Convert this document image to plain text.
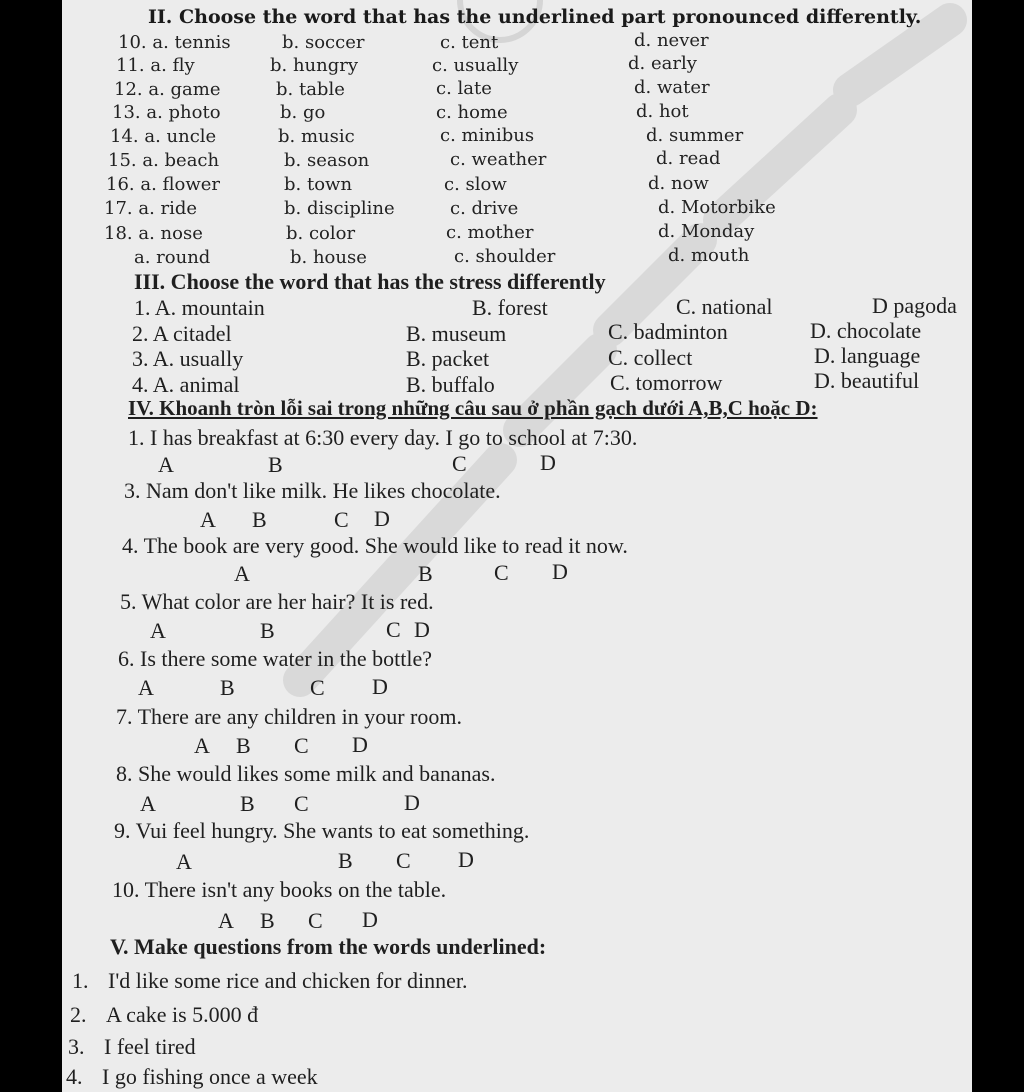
II. Choose the word that has the underlined part pronounced differently.
10. a. tennis	b. soccer	c. tent	d. never
11. a. fly	b. hungry	c. usually	d. early
12. a. game	b. table	c. late	d. water
13. a. photo	b. go	c. home	d. hot
14. a. uncle	b. music	c. minibus	d. summer
15. a. beach	b. season	c. weather	d. read
16. a. flower	b. town	c. slow	d. now
17. a. ride	b. discipline	c. drive	d. Motorbike
18. a. nose	b. color	c. mother	d. Monday
a. round	b. house	c. shoulder	d. mouth
III. Choose the word that has the stress differently
1. A. mountain	B. forest	C. national	D pagoda
2. A citadel	B. museum	C. badminton	D. chocolate
3. A. usually	B. packet	C. collect	D. language
4. A. animal	B. buffalo	C. tomorrow	D. beautiful
IV. Khoanh tròn lỗi sai trong những câu sau ở phần gạch dưới A,B,C hoặc D:
1. I has breakfast at 6:30 every day. I go to school at 7:30.
A	B	C	D
3. Nam don't like milk. He likes chocolate.
A B	C D
4. The book are very good. She would like to read it now.
A	B	C D
5. What color are her hair? It is red.
A	B	C D
6. Is there some water in the bottle?
A	B	C D
7. There are any children in your room.
A B C D
8. She would likes some milk and bananas.
A	B C	D
9. Vui feel hungry. She wants to eat something.
A	B C D
10. There isn't any books on the table.
A B C D
V. Make questions from the words underlined:
1. I'd like some rice and chicken for dinner.
2. A cake is 5.000 đ
3. I feel tired
4. I go fishing once a week
